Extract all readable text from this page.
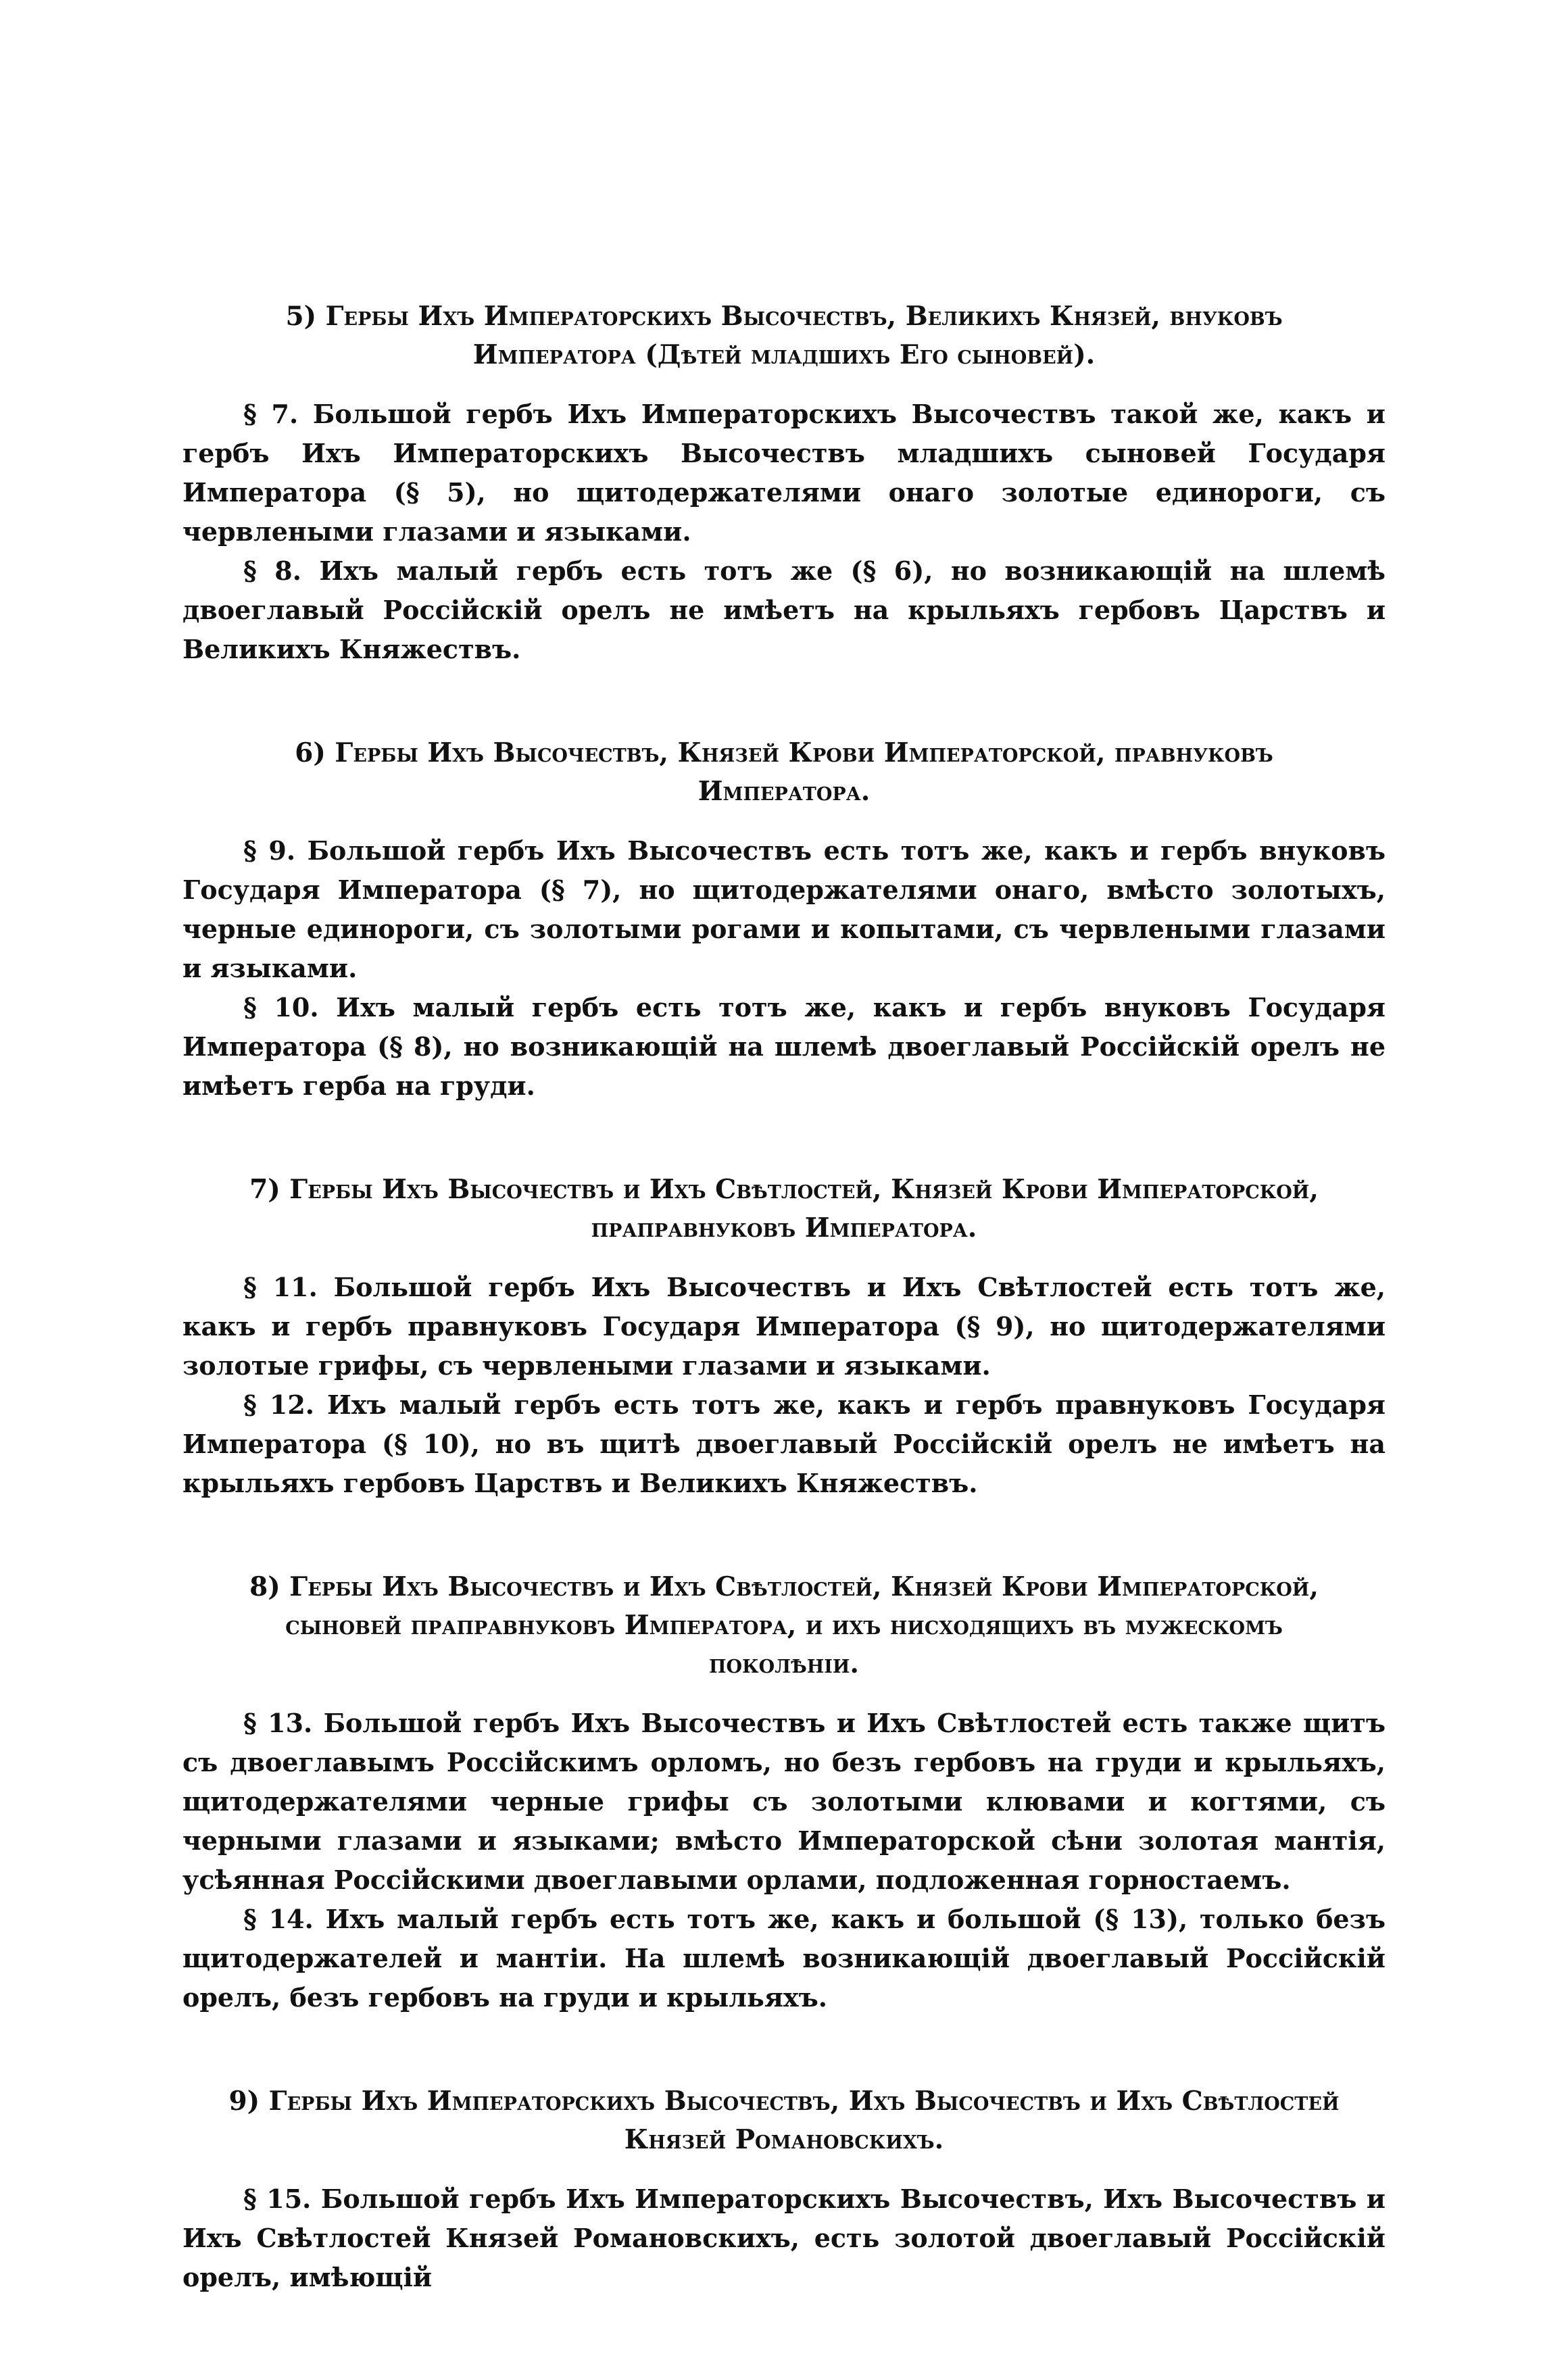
5) Гербы Ихъ Императорскихъ Высочествъ, Великихъ Князей, внуковъ Императора (Дѣтей младшихъ Его сыновей).

§ 7. Большой гербъ Ихъ Императорскихъ Высочествъ такой же, какъ и гербъ Ихъ Императорскихъ Высочествъ младшихъ сыновей Государя Императора (§ 5), но щитодержателями онаго золотые единороги, съ червлеными глазами и языками.

§ 8. Ихъ малый гербъ есть тотъ же (§ 6), но возникающій на шлемѣ двоеглавый Россійскій орелъ не имѣетъ на крыльяхъ гербовъ Царствъ и Великихъ Княжествъ.

6) Гербы Ихъ Высочествъ, Князей Крови Императорской, правнуковъ Императора.

§ 9. Большой гербъ Ихъ Высочествъ есть тотъ же, какъ и гербъ внуковъ Государя Императора (§ 7), но щитодержателями онаго, вмѣсто золотыхъ, черные единороги, съ золотыми рогами и копытами, съ червлеными глазами и языками.

§ 10. Ихъ малый гербъ есть тотъ же, какъ и гербъ внуковъ Государя Императора (§ 8), но возникающій на шлемѣ двоеглавый Россійскій орелъ не имѣетъ герба на груди.

7) Гербы Ихъ Высочествъ и Ихъ Свѣтлостей, Князей Крови Императорской, праправнуковъ Императора.

§ 11. Большой гербъ Ихъ Высочествъ и Ихъ Свѣтлостей есть тотъ же, какъ и гербъ правнуковъ Государя Императора (§ 9), но щитодержателями золотые грифы, съ червлеными глазами и языками.

§ 12. Ихъ малый гербъ есть тотъ же, какъ и гербъ правнуковъ Государя Императора (§ 10), но въ щитѣ двоеглавый Россійскій орелъ не имѣетъ на крыльяхъ гербовъ Царствъ и Великихъ Княжествъ.

8) Гербы Ихъ Высочествъ и Ихъ Свѣтлостей, Князей Крови Императорской, сыновей праправнуковъ Императора, и ихъ нисходящихъ въ мужескомъ поколѣніи.

§ 13. Большой гербъ Ихъ Высочествъ и Ихъ Свѣтлостей есть также щитъ съ двоеглавымъ Россійскимъ орломъ, но безъ гербовъ на груди и крыльяхъ, щитодержателями черные грифы съ золотыми клювами и когтями, съ черными глазами и языками; вмѣсто Императорской сѣни золотая мантія, усѣянная Россійскими двоеглавыми орлами, подложенная горностаемъ.

§ 14. Ихъ малый гербъ есть тотъ же, какъ и большой (§ 13), только безъ щитодержателей и мантіи. На шлемѣ возникающій двоеглавый Россійскій орелъ, безъ гербовъ на груди и крыльяхъ.

9) Гербы Ихъ Императорскихъ Высочествъ, Ихъ Высочествъ и Ихъ Свѣтлостей Князей Романовскихъ.

§ 15. Большой гербъ Ихъ Императорскихъ Высочествъ, Ихъ Высочествъ и Ихъ Свѣтлостей Князей Романовскихъ, есть золотой двоеглавый Россійскій орелъ, имѣющій
